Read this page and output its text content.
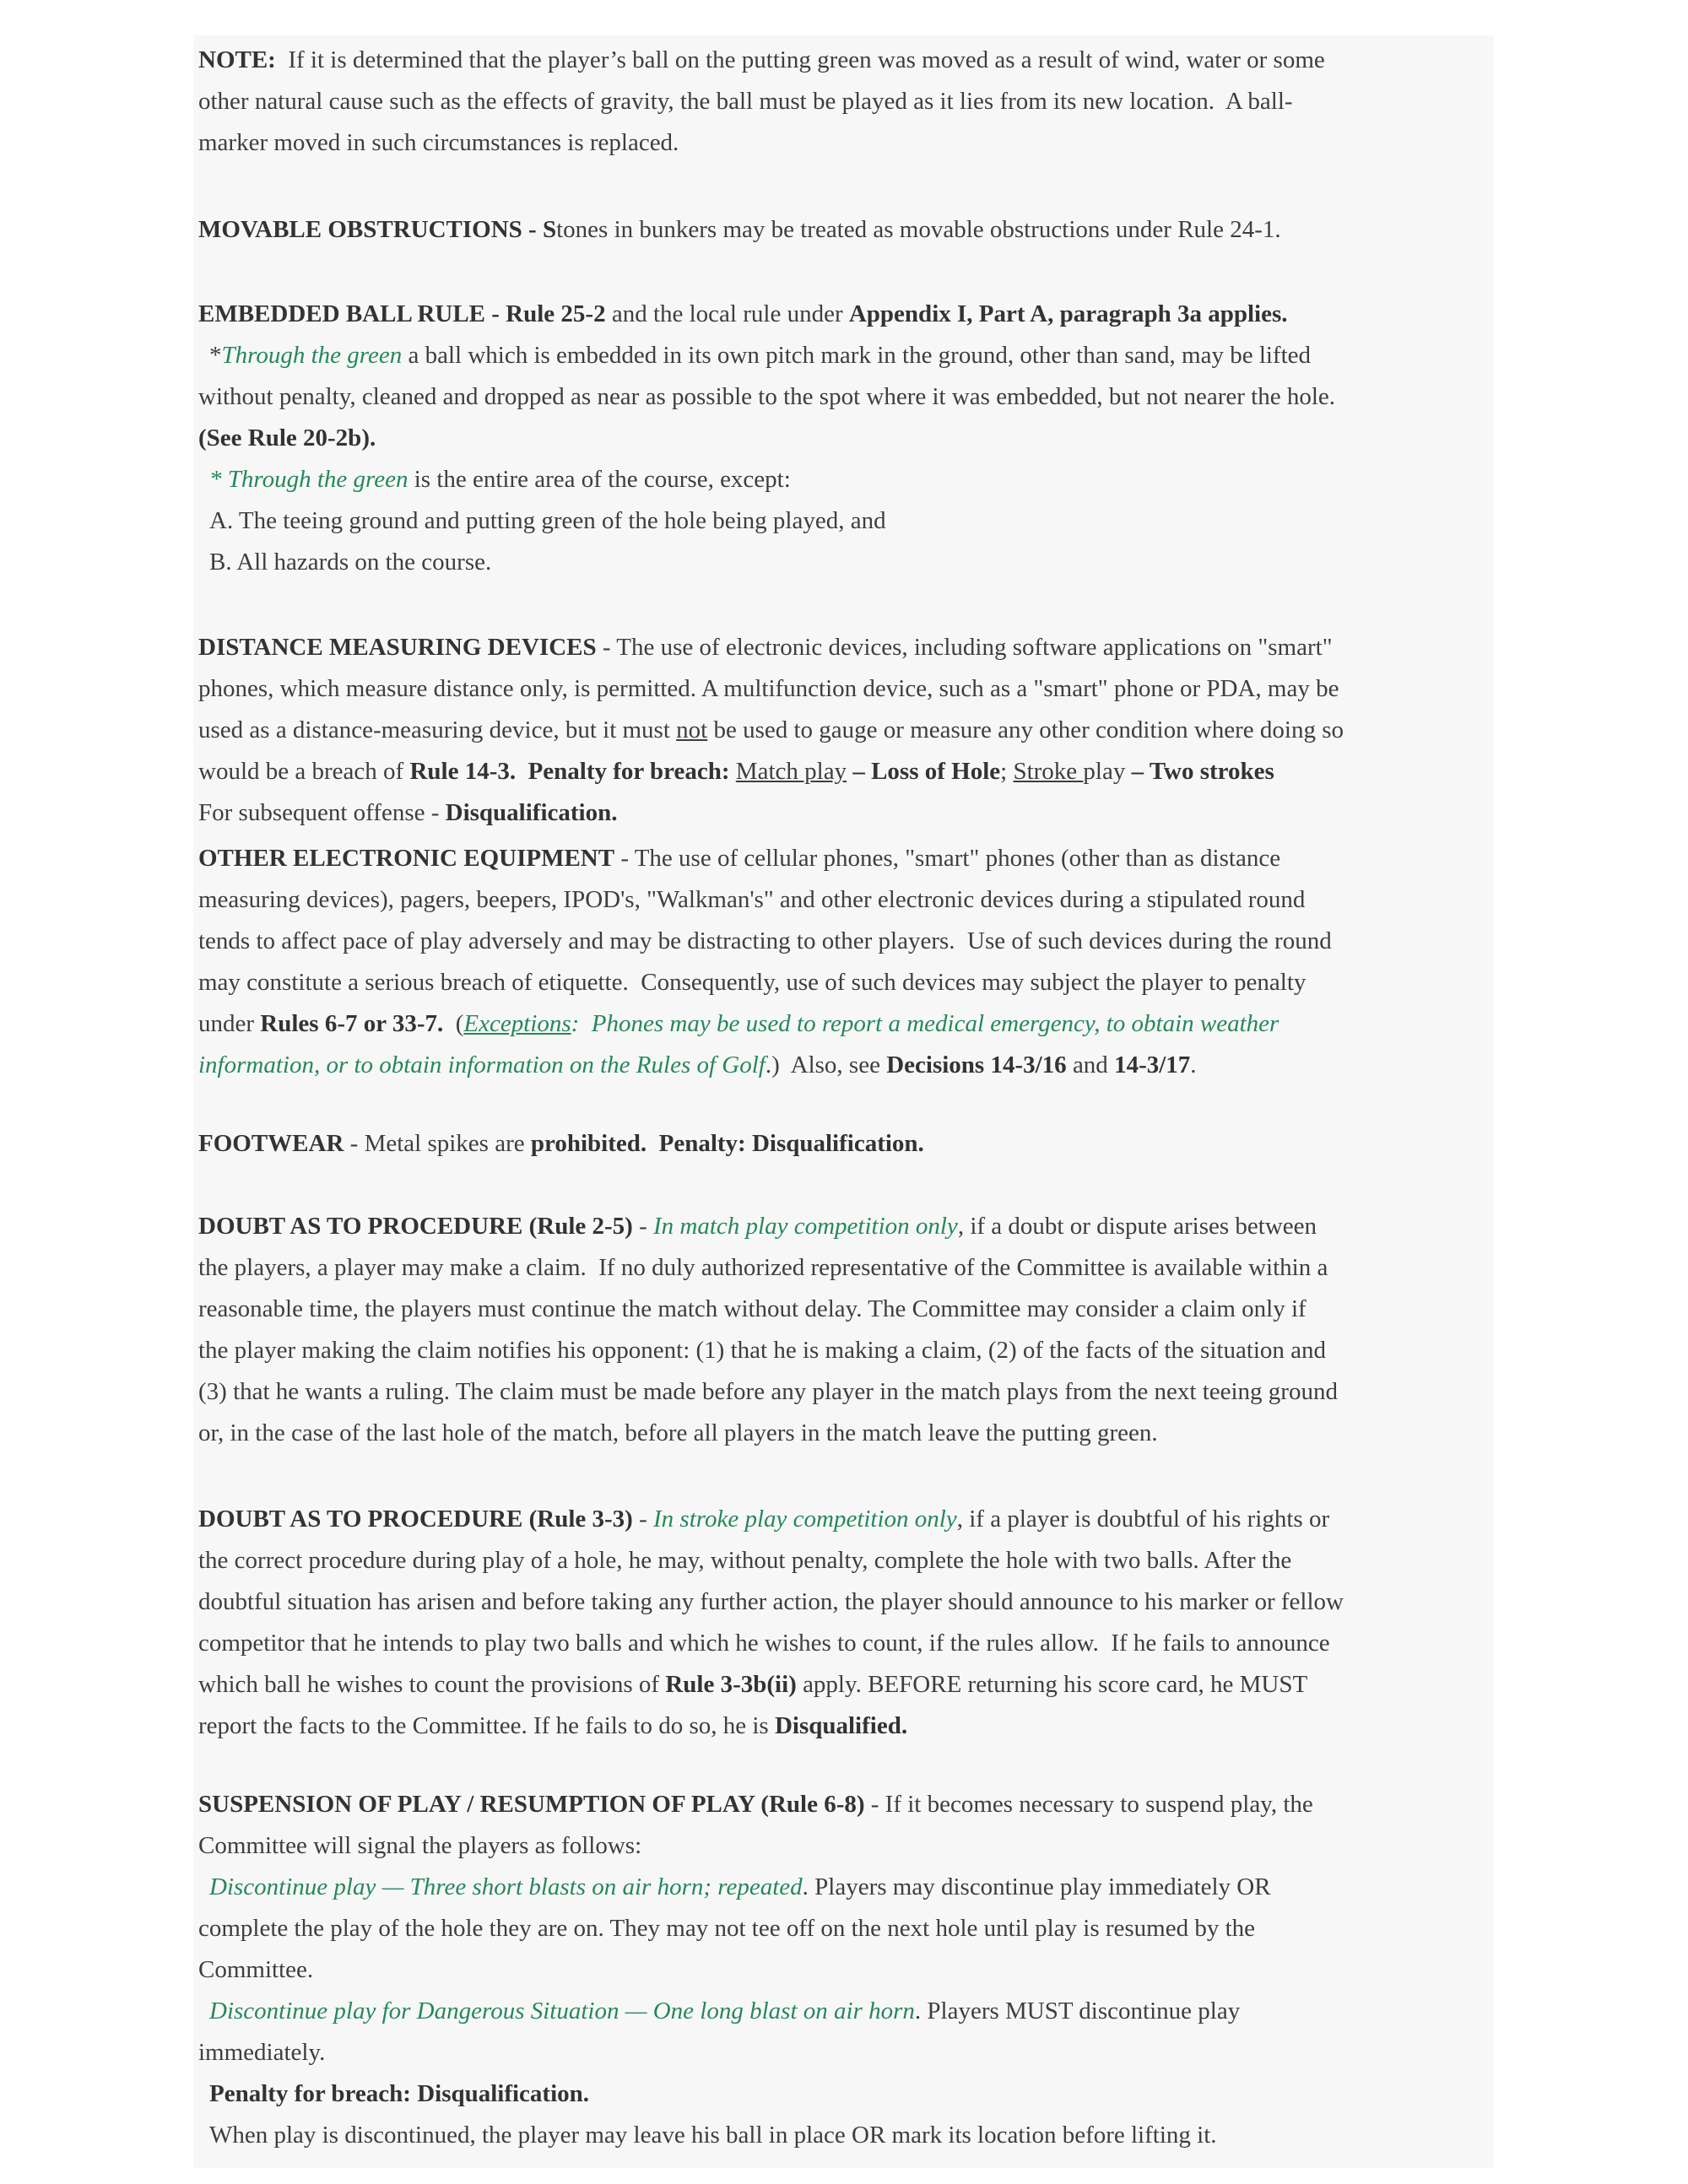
NOTE:  If it is determined that the player’s ball on the putting green was moved as a result of wind, water or some
other natural cause such as the effects of gravity, the ball must be played as it lies from its new location.  A ball-
marker moved in such circumstances is replaced.
MOVABLE OBSTRUCTIONS - Stones in bunkers may be treated as movable obstructions under Rule 24-1.
EMBEDDED BALL RULE - Rule 25-2 and the local rule under Appendix I, Part A, paragraph 3a applies.
*Through the green a ball which is embedded in its own pitch mark in the ground, other than sand, may be lifted
without penalty, cleaned and dropped as near as possible to the spot where it was embedded, but not nearer the hole.
(See Rule 20-2b).
* Through the green is the entire area of the course, except:
A. The teeing ground and putting green of the hole being played, and
B. All hazards on the course.
DISTANCE MEASURING DEVICES - The use of electronic devices, including software applications on "smart"
phones, which measure distance only, is permitted. A multifunction device, such as a "smart" phone or PDA, may be
used as a distance-measuring device, but it must not be used to gauge or measure any other condition where doing so
would be a breach of Rule 14-3.  Penalty for breach: Match play – Loss of Hole; Stroke play – Two strokes
For subsequent offense - Disqualification.
OTHER ELECTRONIC EQUIPMENT - The use of cellular phones, "smart" phones (other than as distance
measuring devices), pagers, beepers, IPOD's, "Walkman's" and other electronic devices during a stipulated round
tends to affect pace of play adversely and may be distracting to other players.  Use of such devices during the round
may constitute a serious breach of etiquette.  Consequently, use of such devices may subject the player to penalty
under Rules 6-7 or 33-7.  (Exceptions:  Phones may be used to report a medical emergency, to obtain weather
information, or to obtain information on the Rules of Golf.)  Also, see Decisions 14-3/16 and 14-3/17.
FOOTWEAR - Metal spikes are prohibited.  Penalty: Disqualification.
DOUBT AS TO PROCEDURE (Rule 2-5) - In match play competition only, if a doubt or dispute arises between
the players, a player may make a claim.  If no duly authorized representative of the Committee is available within a
reasonable time, the players must continue the match without delay. The Committee may consider a claim only if
the player making the claim notifies his opponent: (1) that he is making a claim, (2) of the facts of the situation and
(3) that he wants a ruling. The claim must be made before any player in the match plays from the next teeing ground
or, in the case of the last hole of the match, before all players in the match leave the putting green.
DOUBT AS TO PROCEDURE (Rule 3-3) - In stroke play competition only, if a player is doubtful of his rights or
the correct procedure during play of a hole, he may, without penalty, complete the hole with two balls. After the
doubtful situation has arisen and before taking any further action, the player should announce to his marker or fellow
competitor that he intends to play two balls and which he wishes to count, if the rules allow.  If he fails to announce
which ball he wishes to count the provisions of Rule 3-3b(ii) apply. BEFORE returning his score card, he MUST
report the facts to the Committee. If he fails to do so, he is Disqualified.
SUSPENSION OF PLAY / RESUMPTION OF PLAY (Rule 6-8) - If it becomes necessary to suspend play, the
Committee will signal the players as follows:
Discontinue play — Three short blasts on air horn; repeated. Players may discontinue play immediately OR
complete the play of the hole they are on. They may not tee off on the next hole until play is resumed by the
Committee.
Discontinue play for Dangerous Situation — One long blast on air horn. Players MUST discontinue play
immediately.
Penalty for breach: Disqualification.
When play is discontinued, the player may leave his ball in place OR mark its location before lifting it.
